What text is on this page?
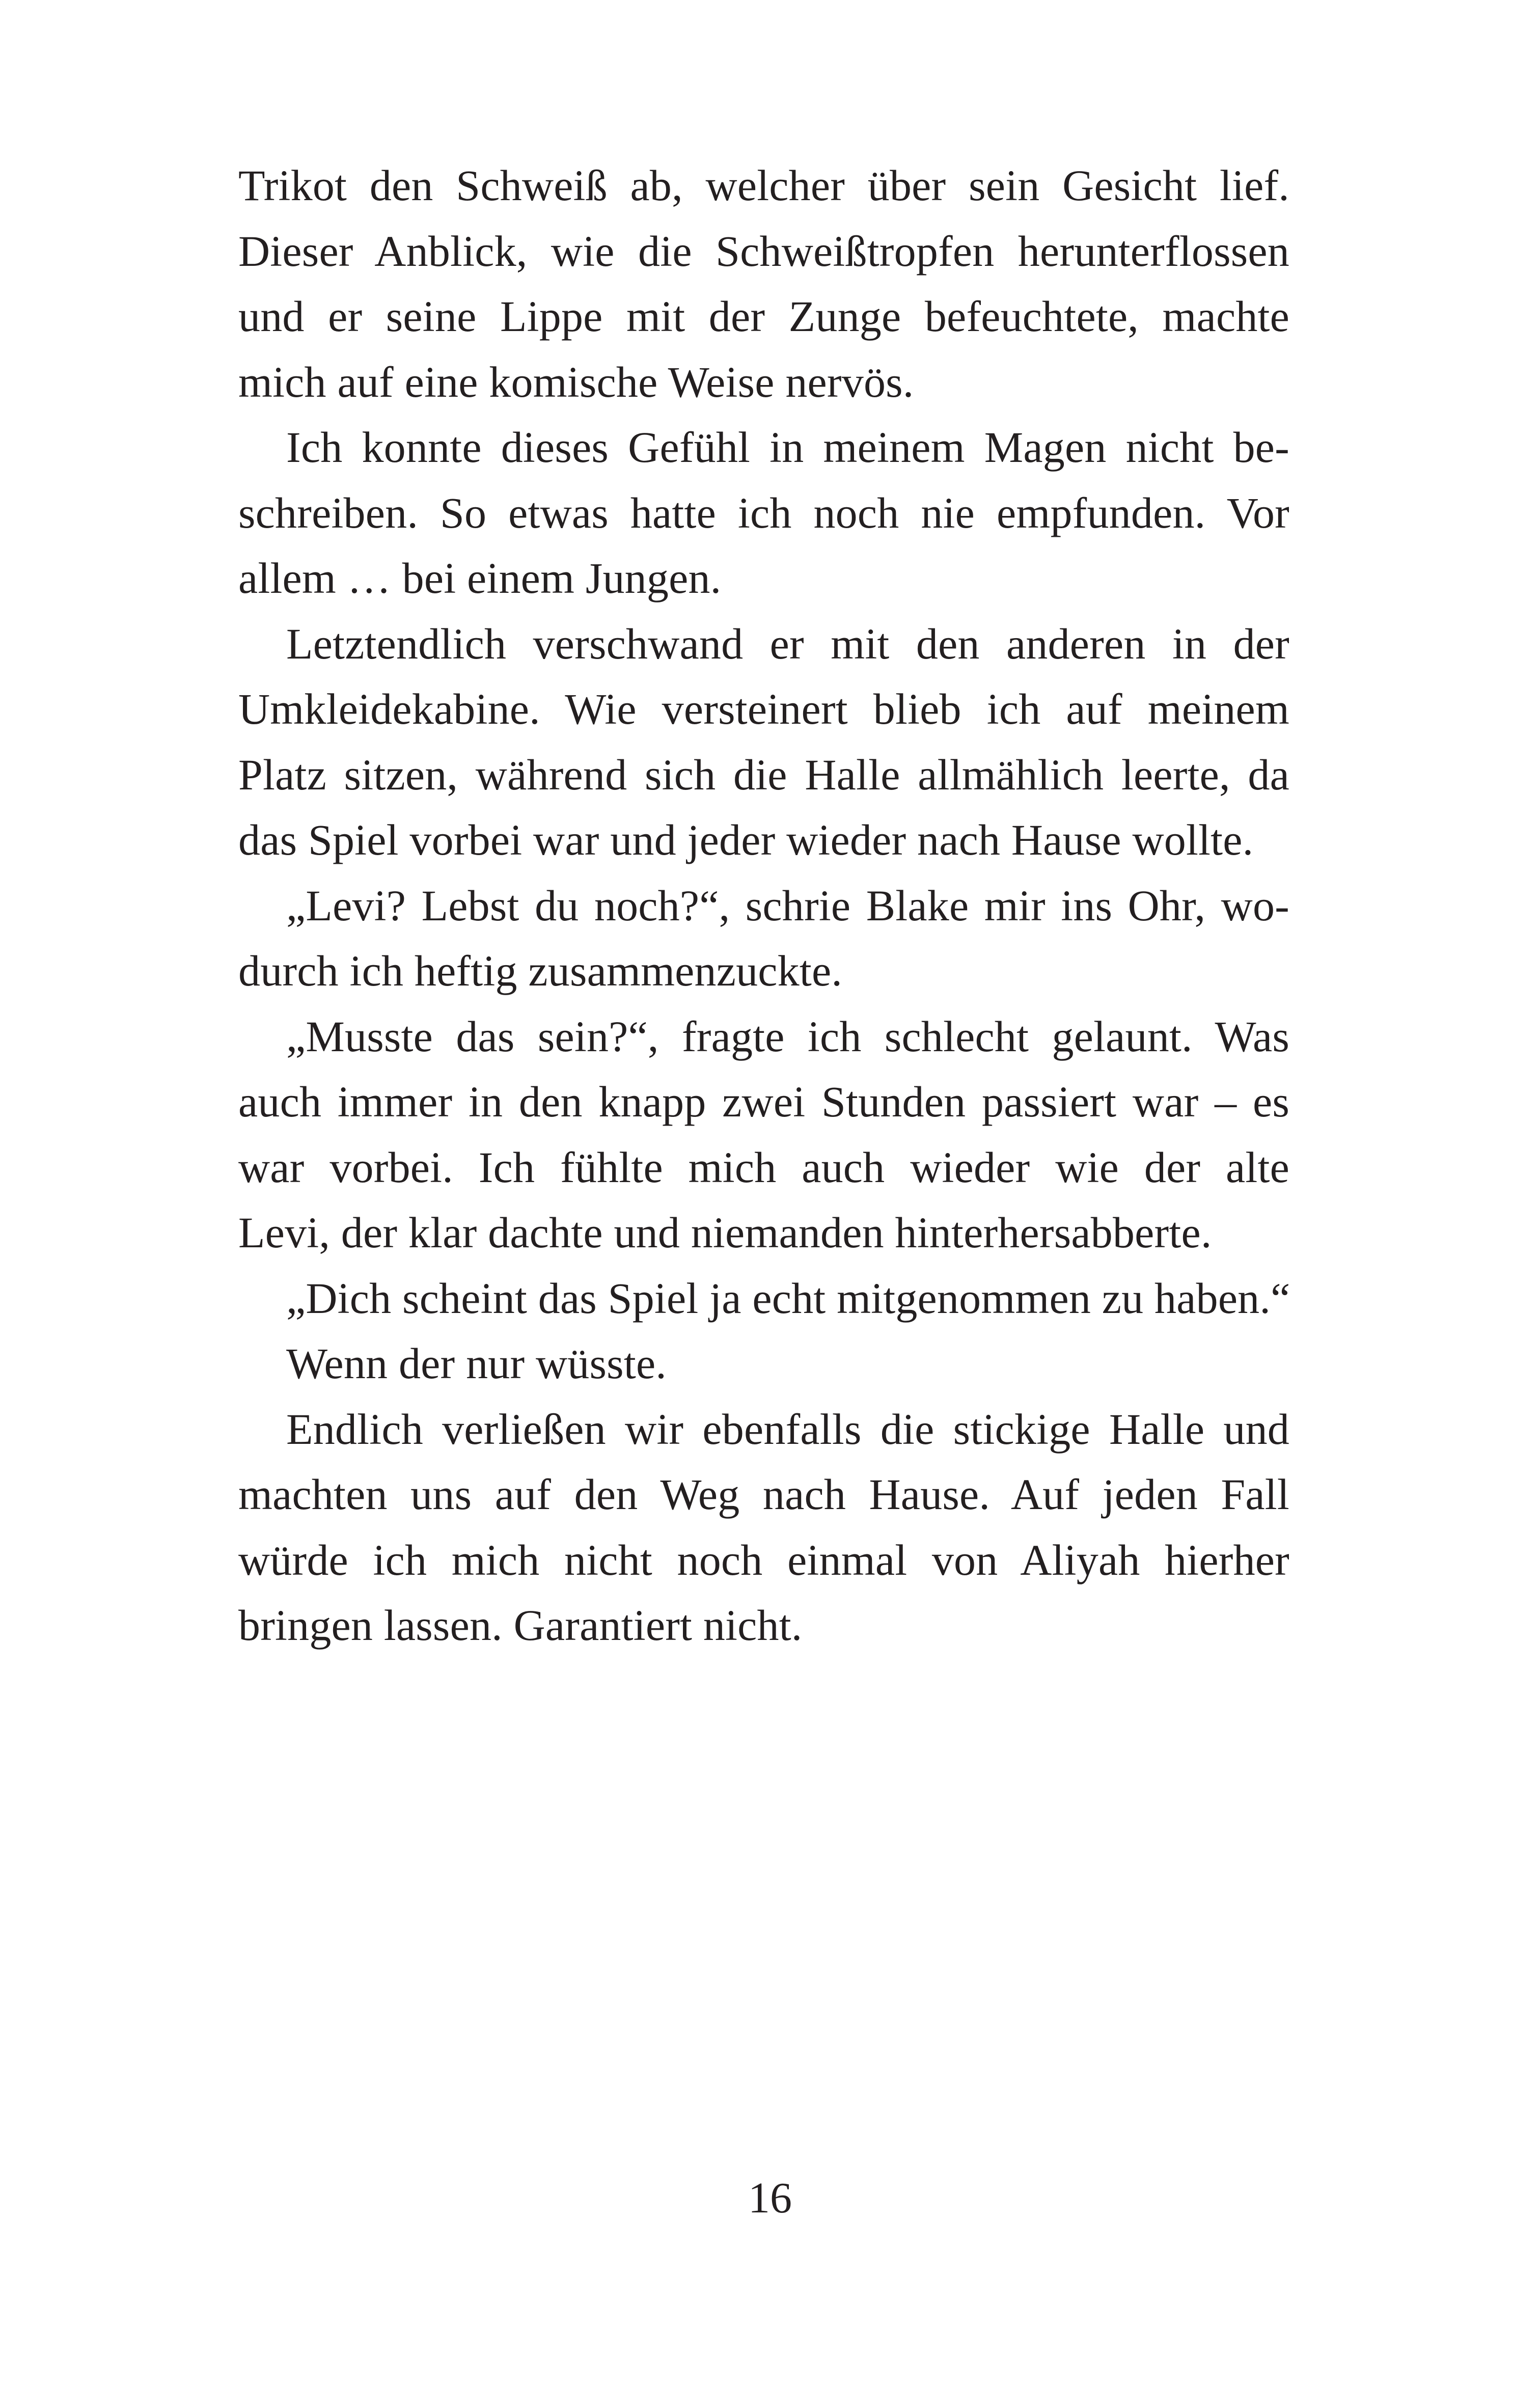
Trikot den Schweiß ab, welcher über sein Gesicht lief.
Dieser Anblick, wie die Schweißtropfen herunterflossen
und er seine Lippe mit der Zunge befeuchtete, machte
mich auf eine komische Weise nervös.
Ich konnte dieses Gefühl in meinem Magen nicht be-
schreiben. So etwas hatte ich noch nie empfunden. Vor
allem … bei einem Jungen.
Letztendlich verschwand er mit den anderen in der
Umkleidekabine. Wie versteinert blieb ich auf meinem
Platz sitzen, während sich die Halle allmählich leerte, da
das Spiel vorbei war und jeder wieder nach Hause wollte.
„Levi? Lebst du noch?“, schrie Blake mir ins Ohr, wo-
durch ich heftig zusammenzuckte.
„Musste das sein?“, fragte ich schlecht gelaunt. Was
auch immer in den knapp zwei Stunden passiert war – es
war vorbei. Ich fühlte mich auch wieder wie der alte
Levi, der klar dachte und niemanden hinterhersabberte.
„Dich scheint das Spiel ja echt mitgenommen zu haben.“
Wenn der nur wüsste.
Endlich verließen wir ebenfalls die stickige Halle und
machten uns auf den Weg nach Hause. Auf jeden Fall
würde ich mich nicht noch einmal von Aliyah hierher
bringen lassen. Garantiert nicht.
16
